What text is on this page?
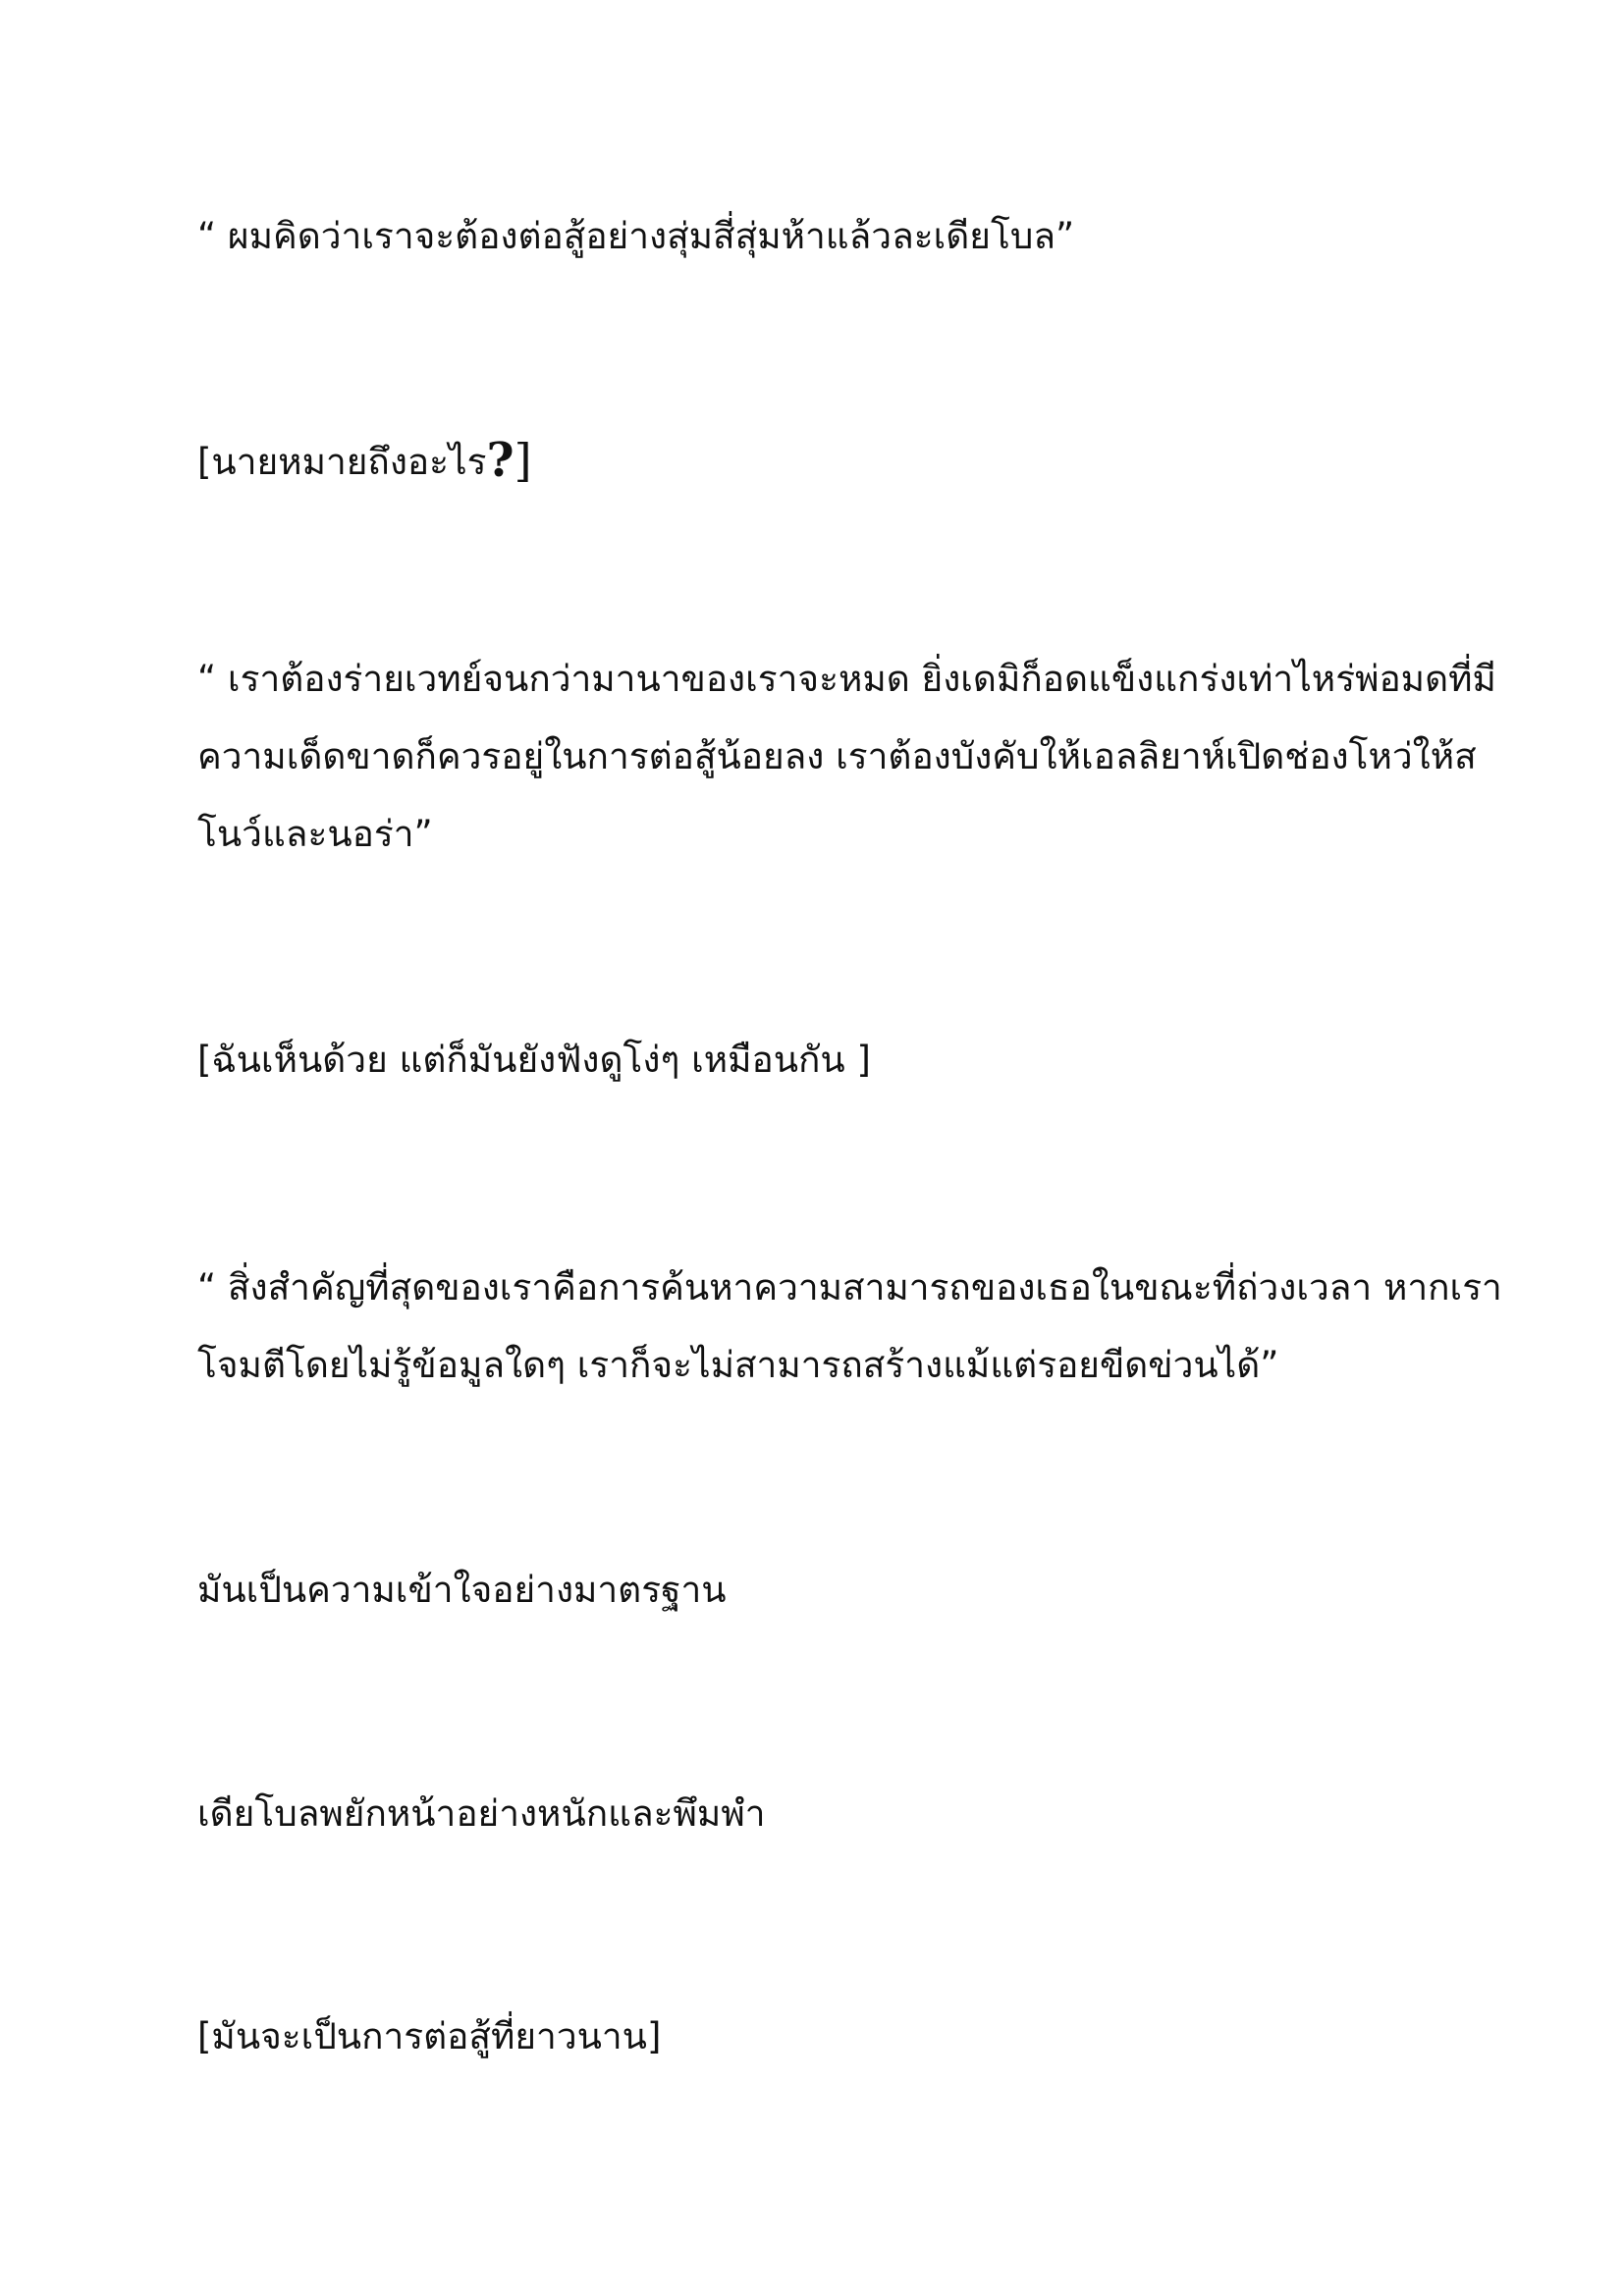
“ ผมคิดว่าเราจะต้องต่อสู้อย่างสุ่มสี่สุ่มห้าแล้วละเดียโบล”

[นายหมายถึงอะไร?]

“ เราต้องร่ายเวทย์จนกว่ามานาของเราจะหมด ยิ่งเดมิก็อดแข็งแกร่งเท่าไหร่พ่อมดที่มี
ความเด็ดขาดก็ควรอยู่ในการต่อสู้น้อยลง เราต้องบังคับให้เอลลิยาห์เปิดช่องโหว่ให้ส
โนว์และนอร่า”

[ฉันเห็นด้วย แต่ก็มันยังฟังดูโง่ๆ เหมือนกัน ]

“ สิ่งสำคัญที่สุดของเราคือการค้นหาความสามารถของเธอในขณะที่ถ่วงเวลา หากเรา
โจมตีโดยไม่รู้ข้อมูลใดๆ เราก็จะไม่สามารถสร้างแม้แต่รอยขีดข่วนได้”

มันเป็นความเข้าใจอย่างมาตรฐาน

เดียโบลพยักหน้าอย่างหนักและพึมพำ

[มันจะเป็นการต่อสู้ที่ยาวนาน]
